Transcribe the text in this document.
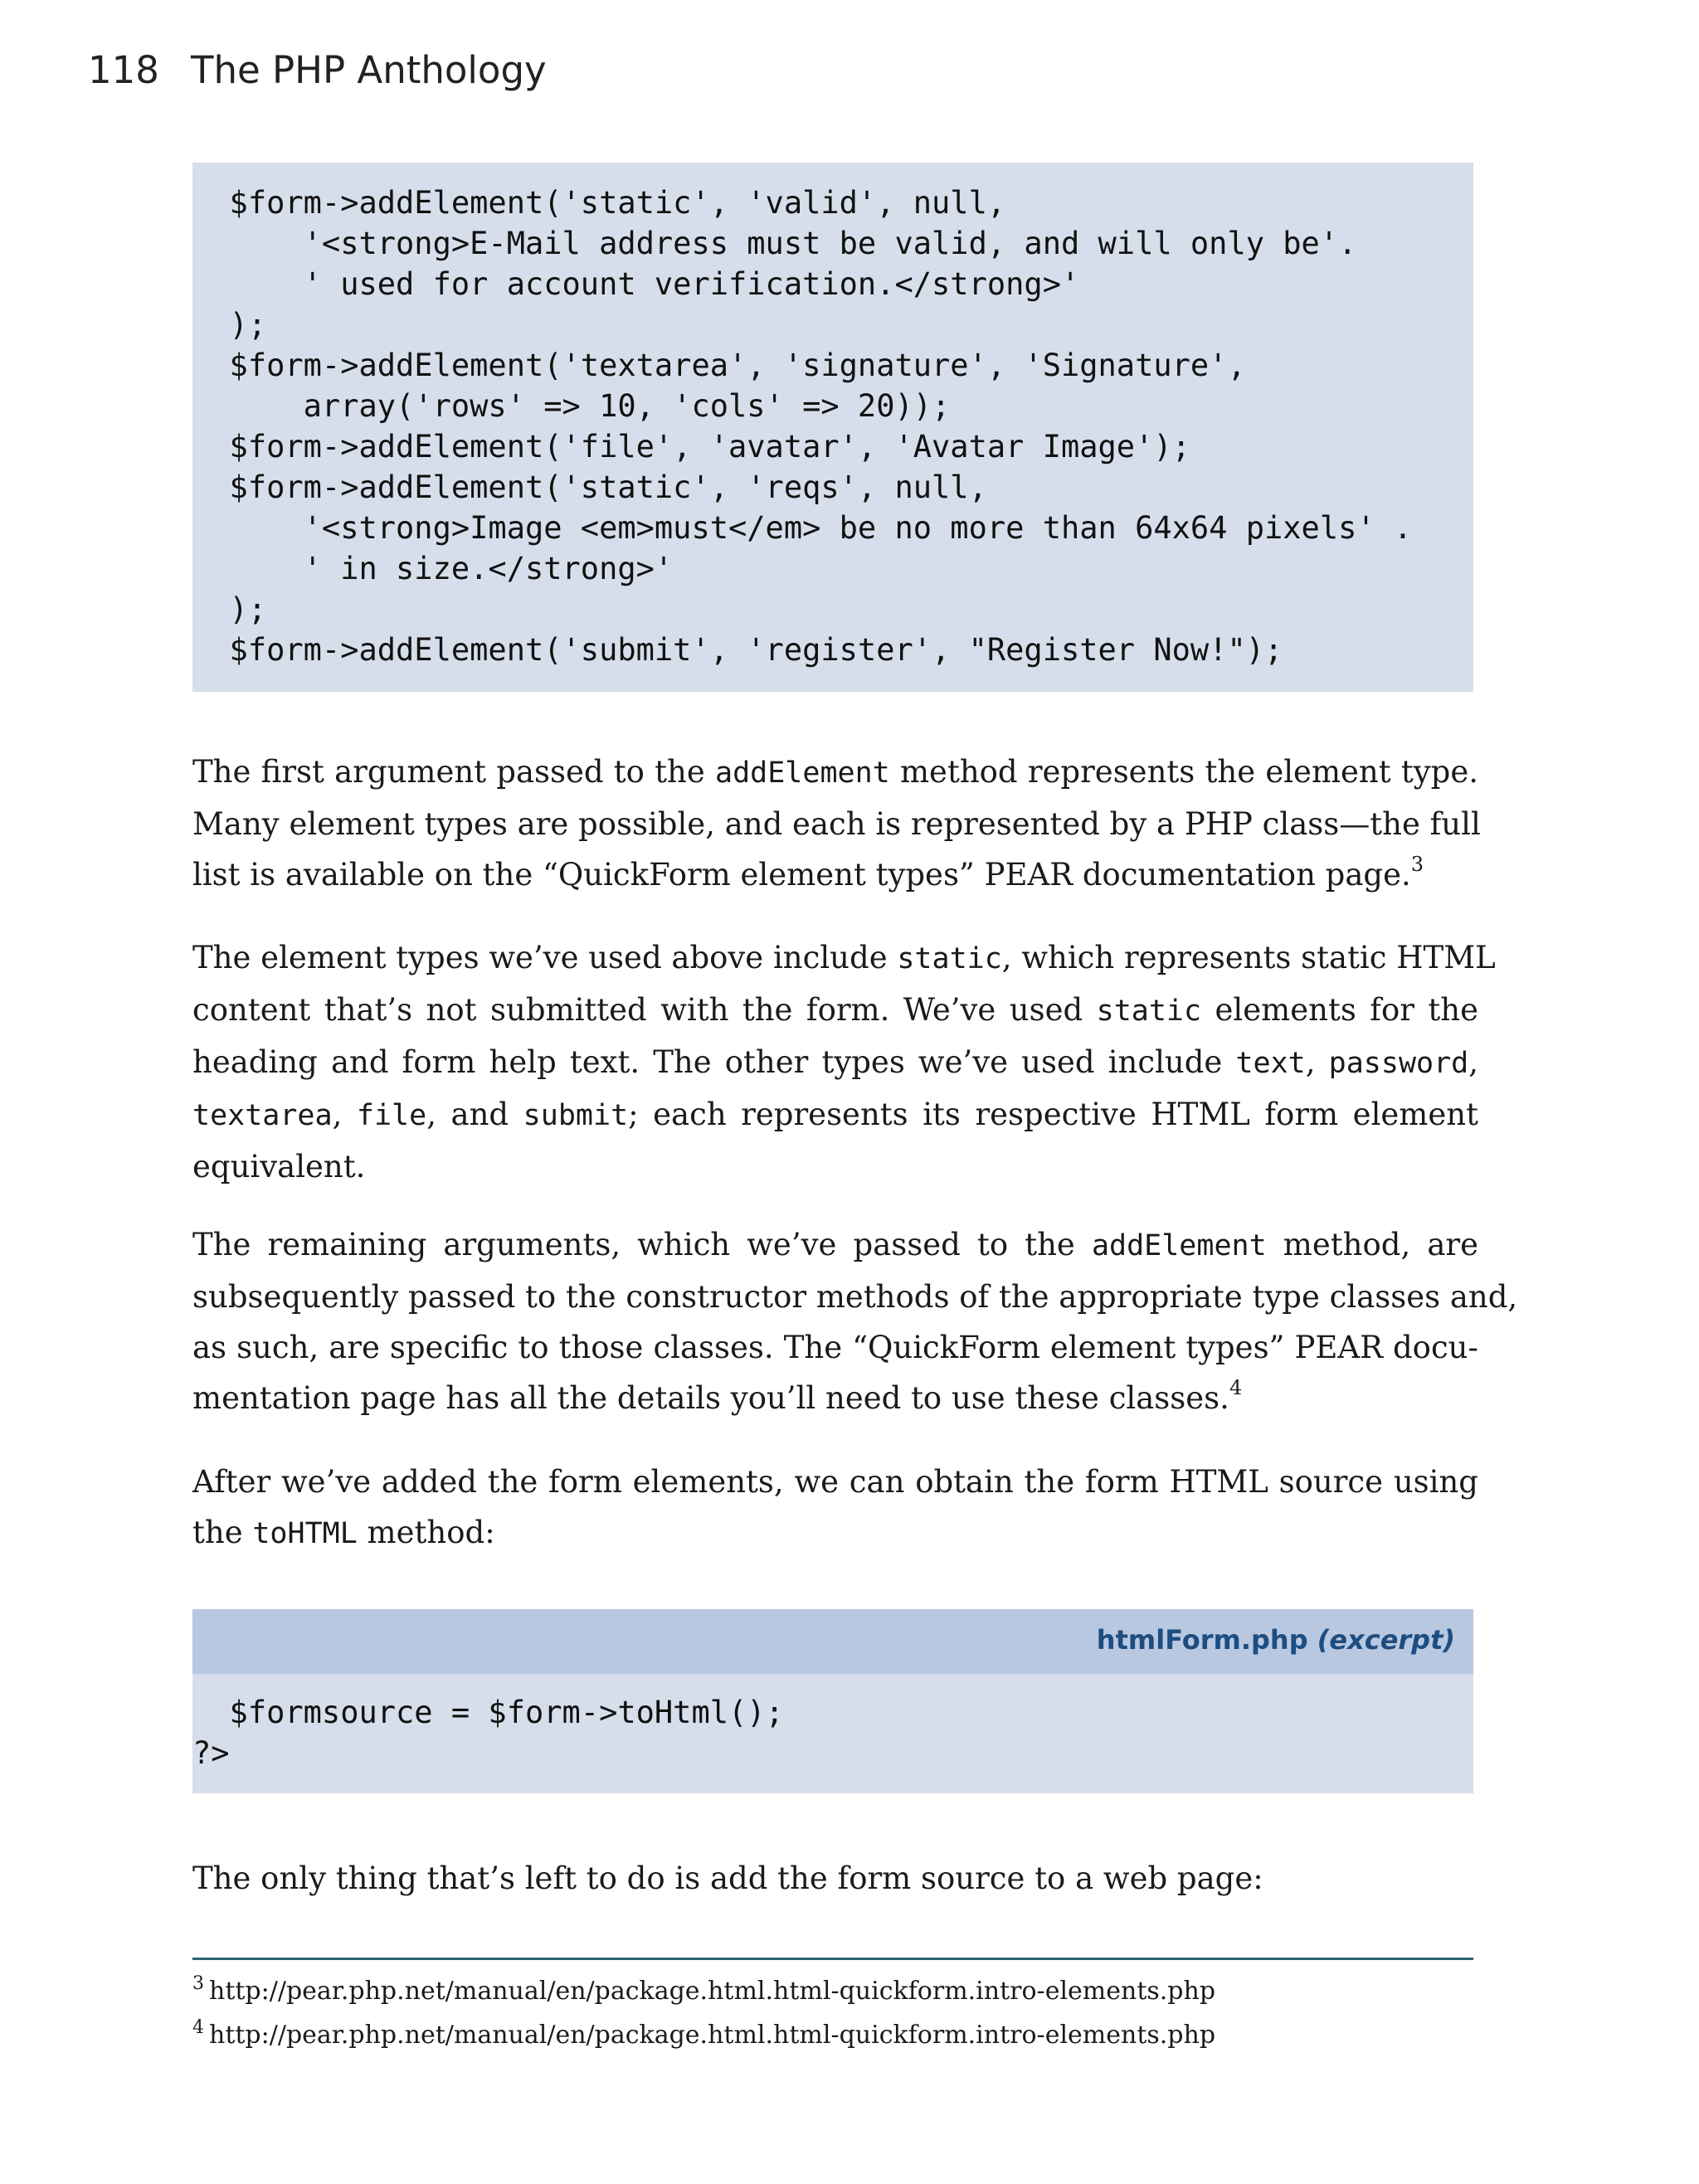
118 The PHP Anthology
$form->addElement('static', 'valid', null,
'<strong>E-Mail address must be valid, and will only be'.
' used for account verification.</strong>'
);
$form->addElement('textarea', 'signature', 'Signature',
array('rows' => 10, 'cols' => 20));
$form->addElement('file', 'avatar', 'Avatar Image');
$form->addElement('static', 'reqs', null,
'<strong>Image <em>must</em> be no more than 64x64 pixels' .
' in size.</strong>'
);
$form->addElement('submit', 'register', "Register Now!");
The first argument passed to the addElement method represents the element type.
Many element types are possible, and each is represented by a PHP class—the full
list is available on the “QuickForm element types” PEAR documentation page.$^3$
The element types we’ve used above include static, which represents static HTML
content that’s not submitted with the form. We’ve used static elements for the
heading and form help text. The other types we’ve used include text, password,
textarea, file, and submit; each represents its respective HTML form element
equivalent.
The remaining arguments, which we’ve passed to the addElement method, are
subsequently passed to the constructor methods of the appropriate type classes and,
as such, are specific to those classes. The “QuickForm element types” PEAR docu-
mentation page has all the details you’ll need to use these classes.$^4$
After we’ve added the form elements, we can obtain the form HTML source using
the toHTML method:
htmlForm.php (excerpt)
$formsource = $form->toHtml();
?>
The only thing that’s left to do is add the form source to a web page:
$^3$ http://pear.php.net/manual/en/package.html.html-quickform.intro-elements.php
$^4$ http://pear.php.net/manual/en/package.html.html-quickform.intro-elements.php
